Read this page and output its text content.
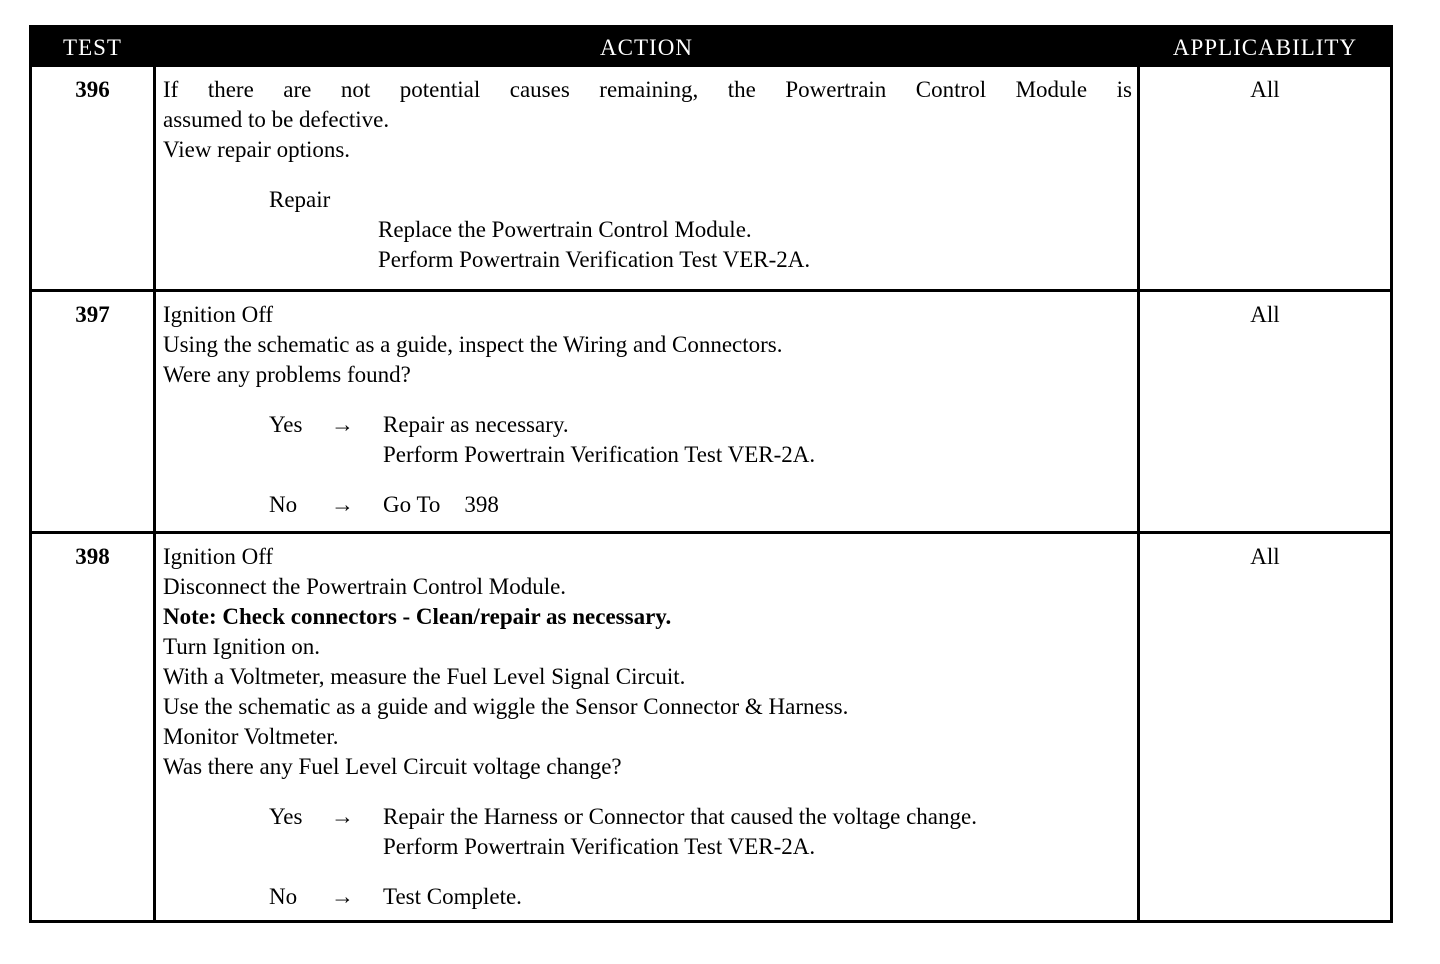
TEST	ACTION	APPLICABILITY
396	If there are not potential causes remaining, the Powertrain Control Module is
assumed to be defective.
View repair options.
Repair
Replace the Powertrain Control Module.
Perform Powertrain Verification Test VER-2A.
All
397	Ignition Off
Using the schematic as a guide, inspect the Wiring and Connectors.
Were any problems found?
Yes → Repair as necessary.
Perform Powertrain Verification Test VER-2A.
No → Go To 398
All
398	Ignition Off
Disconnect the Powertrain Control Module.
Note: Check connectors - Clean/repair as necessary.
Turn Ignition on.
With a Voltmeter, measure the Fuel Level Signal Circuit.
Use the schematic as a guide and wiggle the Sensor Connector & Harness.
Monitor Voltmeter.
Was there any Fuel Level Circuit voltage change?
Yes → Repair the Harness or Connector that caused the voltage change.
Perform Powertrain Verification Test VER-2A.
No → Test Complete.
All
